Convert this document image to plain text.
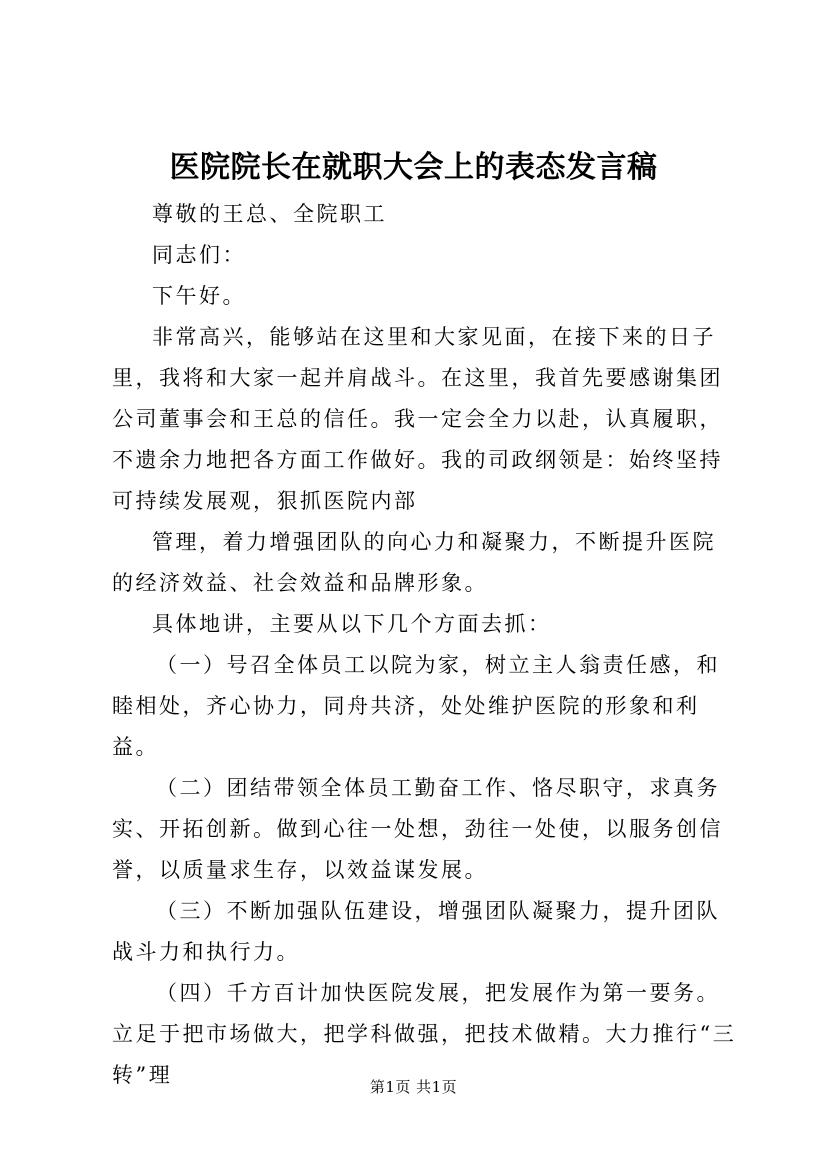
医院院长在就职大会上的表态发言稿

尊敬的王总、全院职工

同志们：

下午好。

非常高兴，能够站在这里和大家见面，在接下来的日子里，我将和大家一起并肩战斗。在这里，我首先要感谢集团公司董事会和王总的信任。我一定会全力以赴，认真履职，不遗余力地把各方面工作做好。我的司政纲领是：始终坚持可持续发展观，狠抓医院内部

管理，着力增强团队的向心力和凝聚力，不断提升医院的经济效益、社会效益和品牌形象。

具体地讲，主要从以下几个方面去抓：

（一）号召全体员工以院为家，树立主人翁责任感，和睦相处，齐心协力，同舟共济，处处维护医院的形象和利益。

（二）团结带领全体员工勤奋工作、恪尽职守，求真务实、开拓创新。做到心往一处想，劲往一处使，以服务创信誉，以质量求生存，以效益谋发展。

（三）不断加强队伍建设，增强团队凝聚力，提升团队战斗力和执行力。

（四）千方百计加快医院发展，把发展作为第一要务。立足于把市场做大，把学科做强，把技术做精。大力推行“三转”理	第1页 共1页
